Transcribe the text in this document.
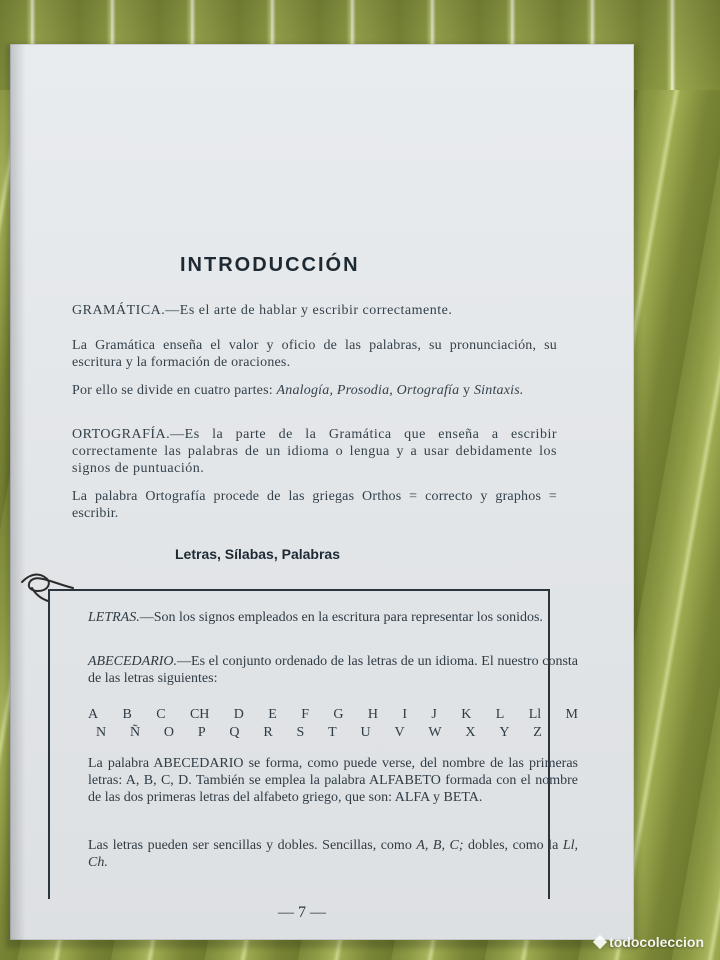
INTRODUCCIÓN
GRAMÁTICA.—Es el arte de hablar y escribir correctamente.
La Gramática enseña el valor y oficio de las palabras, su pronunciación, su escritura y la formación de oraciones.
Por ello se divide en cuatro partes: Analogía, Prosodia, Ortografía y Sintaxis.
ORTOGRAFÍA.—Es la parte de la Gramática que enseña a escribir correctamente las palabras de un idioma o lengua y a usar debidamente los signos de puntuación.
La palabra Ortografía procede de las griegas Orthos = correcto y graphos = escribir.
Letras, Sílabas, Palabras
LETRAS.—Son los signos empleados en la escritura para representar los sonidos.
ABECEDARIO.—Es el conjunto ordenado de las letras de un idioma. El nuestro consta de las letras siguientes:
A B C CH D E F G H I J K L Ll M
N Ñ O P Q R S T U V W X Y Z
La palabra ABECEDARIO se forma, como puede verse, del nombre de las primeras letras: A, B, C, D. También se emplea la palabra ALFABETO formada con el nombre de las dos primeras letras del alfabeto griego, que son: ALFA y BETA.
Las letras pueden ser sencillas y dobles. Sencillas, como A, B, C; dobles, como la Ll, Ch.
— 7 —
todocoleccion
